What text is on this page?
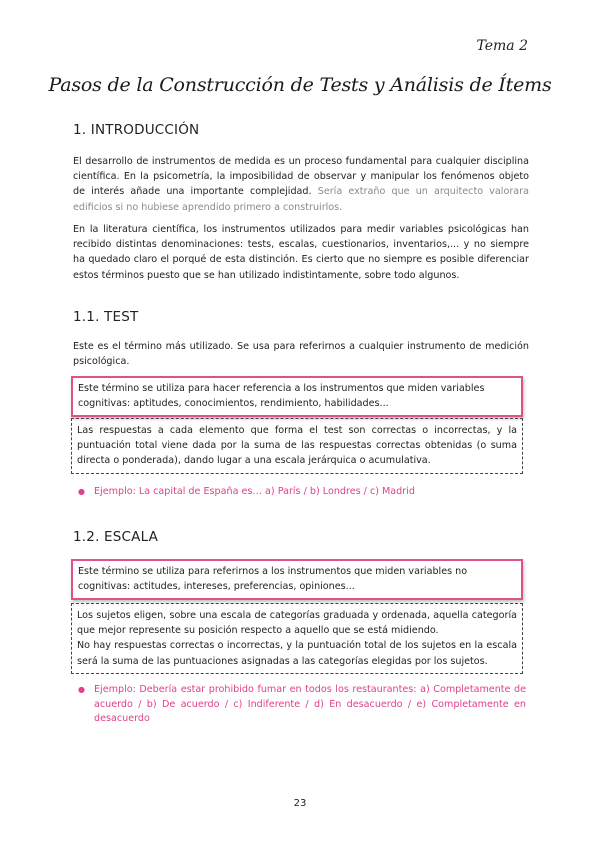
Tema 2
Pasos de la Construcción de Tests y Análisis de Ítems
1. INTRODUCCIÓN

El desarrollo de instrumentos de medida es un proceso fundamental para cualquier disciplina científica. En la psicometría, la imposibilidad de observar y manipular los fenómenos objeto de interés añade una importante complejidad. Sería extraño que un arquitecto valorara edificios si no hubiese aprendido primero a construirlos.

En la literatura científica, los instrumentos utilizados para medir variables psicológicas han recibido distintas denominaciones: tests, escalas, cuestionarios, inventarios,... y no siempre ha quedado claro el porqué de esta distinción. Es cierto que no siempre es posible diferenciar estos términos puesto que se han utilizado indistintamente, sobre todo algunos.

1.1. TEST

Este es el término más utilizado. Se usa para referirnos a cualquier instrumento de medición psicológica.

Este término se utiliza para hacer referencia a los instrumentos que miden variables cognitivas: aptitudes, conocimientos, rendimiento, habilidades...

Las respuestas a cada elemento que forma el test son correctas o incorrectas, y la puntuación total viene dada por la suma de las respuestas correctas obtenidas (o suma directa o ponderada), dando lugar a una escala jerárquica o acumulativa.

● Ejemplo: La capital de España es… a) París / b) Londres / c) Madrid
1.2. ESCALA
Este término se utiliza para referirnos a los instrumentos que miden variables no cognitivas: actitudes, intereses, preferencias, opiniones...

Los sujetos eligen, sobre una escala de categorías graduada y ordenada, aquella categoría que mejor represente su posición respecto a aquello que se está midiendo.

No hay respuestas correctas o incorrectas, y la puntuación total de los sujetos en la escala será la suma de las puntuaciones asignadas a las categorías elegidas por los sujetos.

● Ejemplo: Debería estar prohibido fumar en todos los restaurantes: a) Completamente de acuerdo / b) De acuerdo / c) Indiferente / d) En desacuerdo / e) Completamente en desacuerdo
23
